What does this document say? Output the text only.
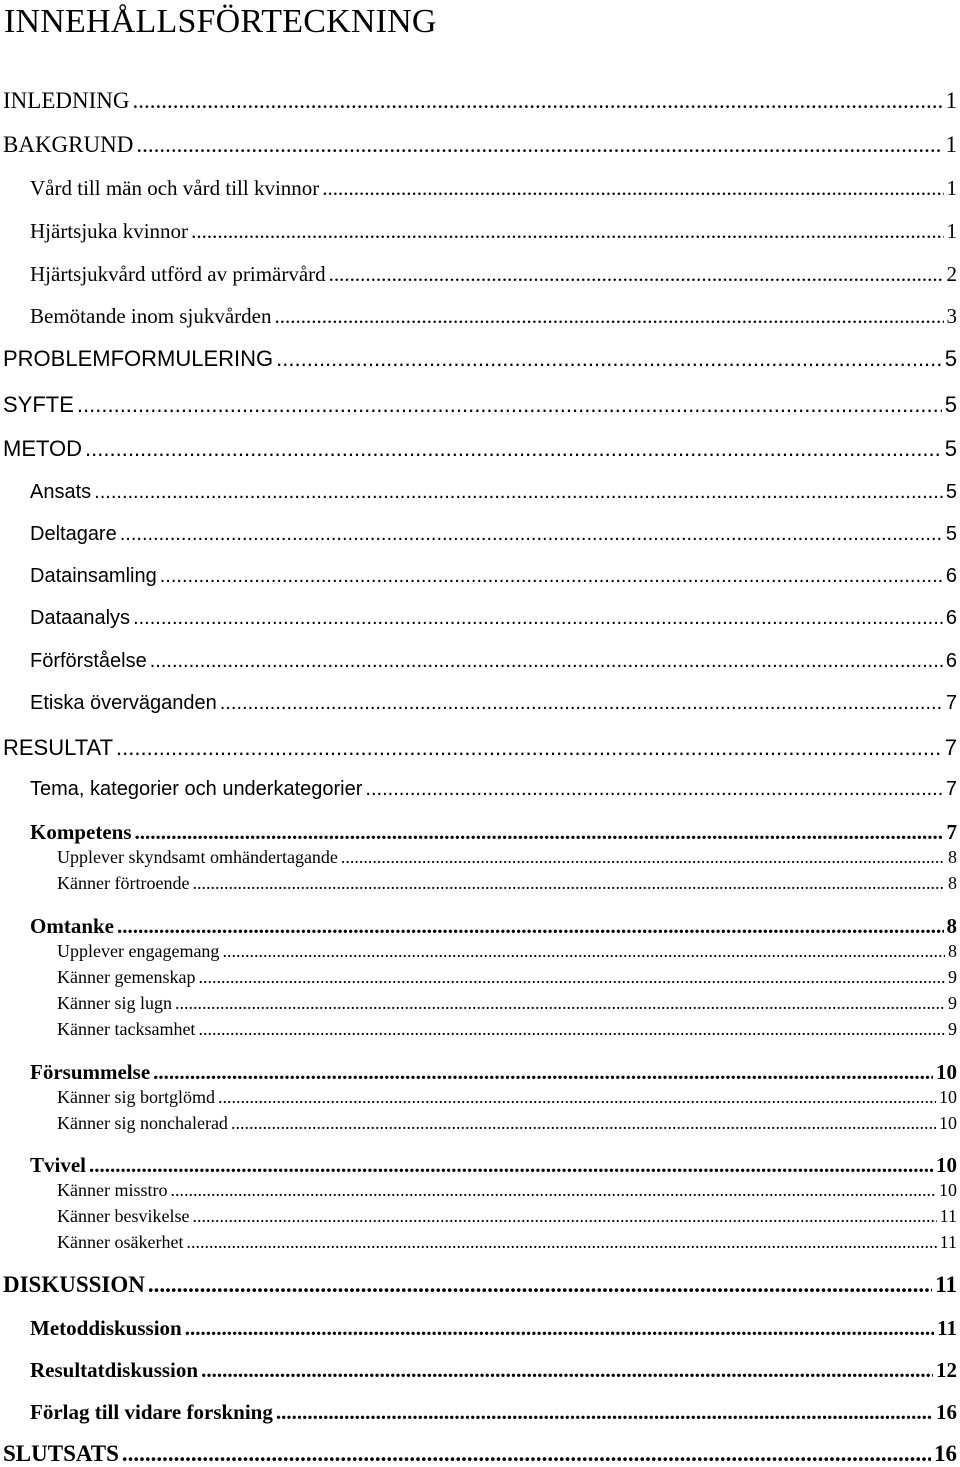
INNEHÅLLSFÖRTECKNING
INLEDNING .....	1
BAKGRUND .....	1
Vård till män och vård till kvinnor .....	1
Hjärtsjuka kvinnor .....	1
Hjärtsjukvård utförd av primärvård .....	2
Bemötande inom sjukvården .....	3
PROBLEMFORMULERING .....	5
SYFTE .....	5
METOD .....	5
Ansats .....	5
Deltagare .....	5
Datainsamling .....	6
Dataanalys .....	6
Förförståelse .....	6
Etiska överväganden .....	7
RESULTAT .....	7
Tema, kategorier och underkategorier .....	7
Kompetens .....	7
Upplever skyndsamt omhändertagande .....	8
Känner förtroende .....	8
Omtanke .....	8
Upplever engagemang .....	8
Känner gemenskap .....	9
Känner sig lugn .....	9
Känner tacksamhet .....	9
Försummelse .....	10
Känner sig bortglömd .....	10
Känner sig nonchalerad .....	10
Tvivel .....	10
Känner misstro .....	10
Känner besvikelse .....	11
Känner osäkerhet .....	11
DISKUSSION .....	11
Metoddiskussion .....	11
Resultatdiskussion .....	12
Förlag till vidare forskning .....	16
SLUTSATS .....	16
